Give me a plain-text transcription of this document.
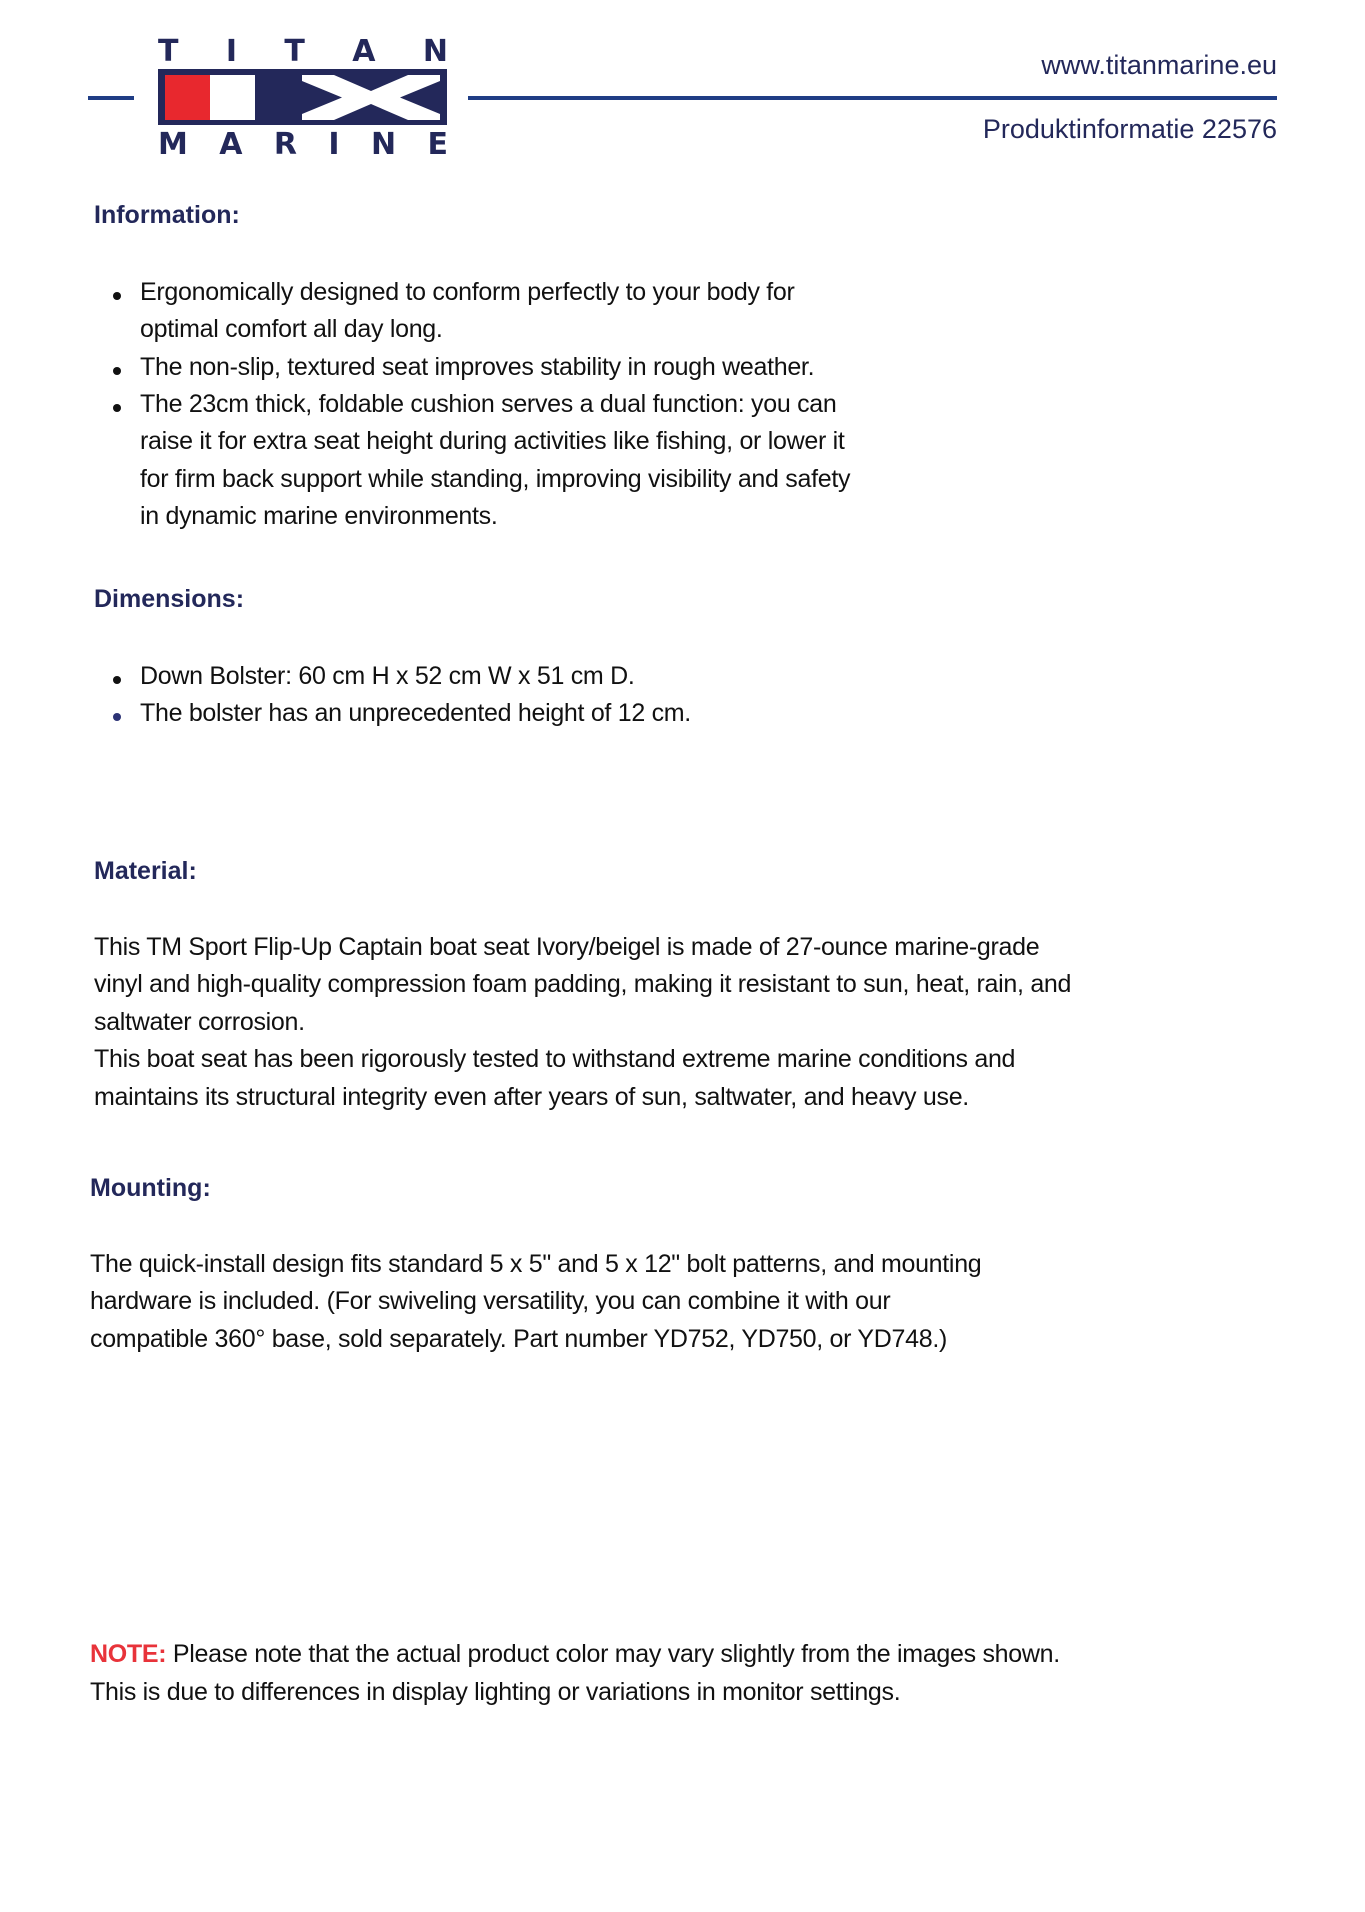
T I T A N
M A R I N E
www.titanmarine.eu
Produktinformatie 22576
Information:
Ergonomically designed to conform perfectly to your body for
optimal comfort all day long.
The non-slip, textured seat improves stability in rough weather.
The 23cm thick, foldable cushion serves a dual function: you can
raise it for extra seat height during activities like fishing, or lower it
for firm back support while standing, improving visibility and safety
in dynamic marine environments.
Dimensions:
Down Bolster: 60 cm H x 52 cm W x 51 cm D.
The bolster has an unprecedented height of 12 cm.
Material:
This TM Sport Flip-Up Captain boat seat Ivory/beigel is made of 27-ounce marine-grade
vinyl and high-quality compression foam padding, making it resistant to sun, heat, rain, and
saltwater corrosion.
This boat seat has been rigorously tested to withstand extreme marine conditions and
maintains its structural integrity even after years of sun, saltwater, and heavy use.
Mounting:
The quick-install design fits standard 5 x 5" and 5 x 12" bolt patterns, and mounting
hardware is included. (For swiveling versatility, you can combine it with our
compatible 360° base, sold separately. Part number YD752, YD750, or YD748.)
NOTE: Please note that the actual product color may vary slightly from the images shown.
This is due to differences in display lighting or variations in monitor settings.
